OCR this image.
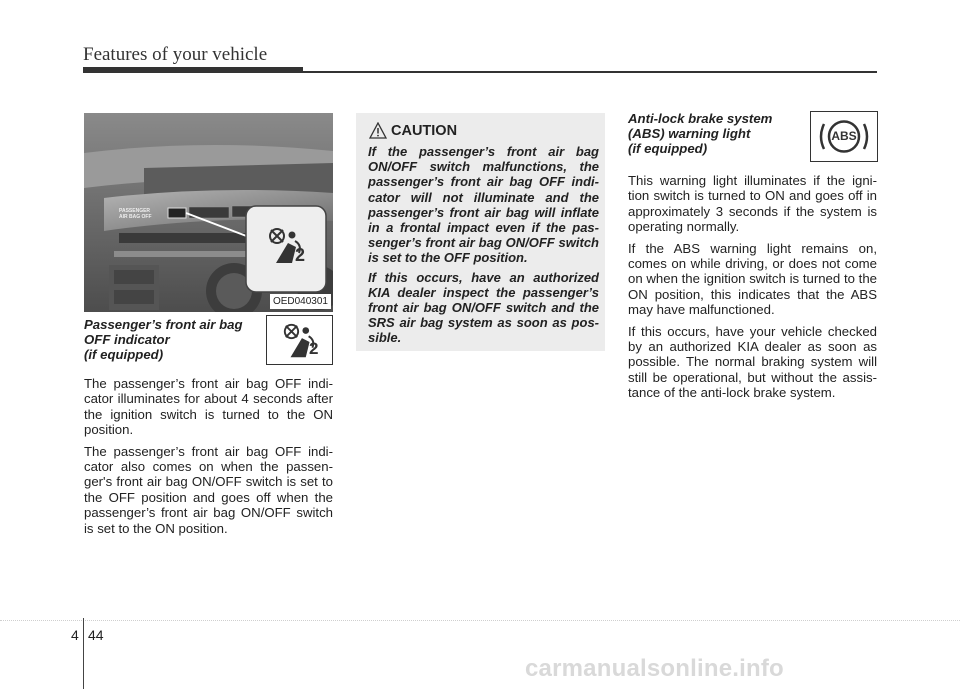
Features of your vehicle
PASSENGER
AIR BAG OFF
2
OED040301
Passenger’s front air bag
OFF indicator
(if equipped)	2

The passenger’s front air bag OFF indi- cator illuminates for about 4 seconds after the ignition switch is turned to the ON position.

The passenger’s front air bag OFF indi- cator also comes on when the passen- ger's front air bag ON/OFF switch is set to the OFF position and goes off when the passenger’s front air bag ON/OFF switch is set to the ON position.

CAUTION

If the passenger’s front air bag ON/OFF switch malfunctions, the passenger’s front air bag OFF indi- cator will not illuminate and the passenger’s front air bag will inflate in a frontal impact even if the pas- senger’s front air bag ON/OFF switch is set to the OFF position.

If this occurs, have an authorized KIA dealer inspect the passenger’s front air bag ON/OFF switch and the SRS air bag system as soon as pos- sible.

Anti-lock brake system
(ABS) warning light
(if equipped)
ABS

This warning light illuminates if the igni- tion switch is turned to ON and goes off in approximately 3 seconds if the system is operating normally.

If the ABS warning light remains on, comes on while driving, or does not come on when the ignition switch is turned to the ON position, this indicates that the ABS may have malfunctioned.

If this occurs, have your vehicle checked by an authorized KIA dealer as soon as possible. The normal braking system will still be operational, but without the assis- tance of the anti-lock brake system.

4 44
carmanualsonline.info
